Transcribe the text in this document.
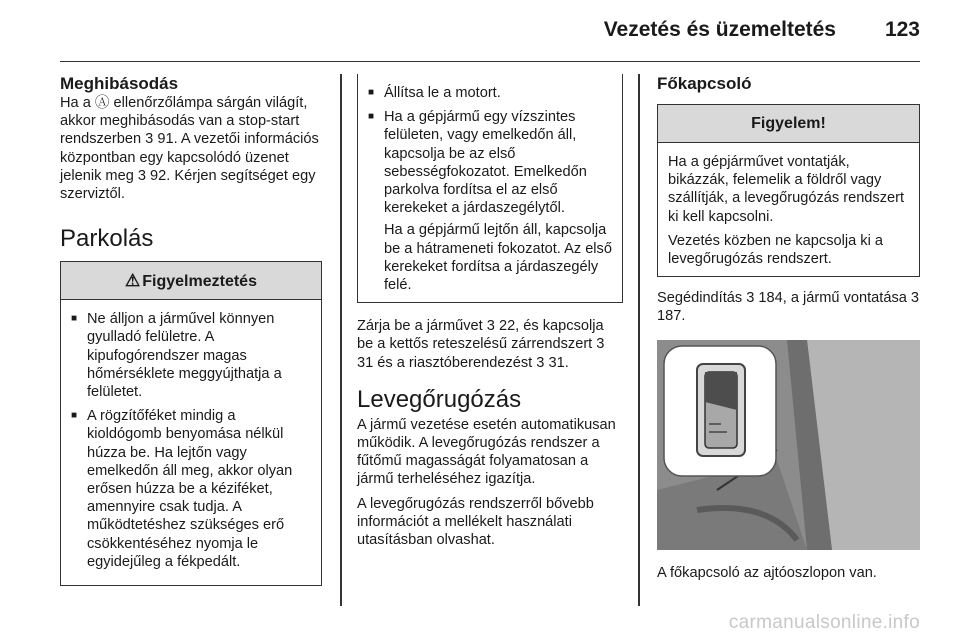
Vezetés és üzemeltetés 123
Meghibásodás

Ha a Ⓐ ellenőrzőlámpa sárgán világít, akkor meghibásodás van a stop-start rendszerben 3 91. A vezetői információs központban egy kapcsolódó üzenet jelenik meg 3 92. Kérjen segítséget egy szerviztől.

Parkolás
⚠ Figyelmeztetés
■ Ne álljon a járművel könnyen gyulladó felületre. A kipufogórendszer magas hőmérséklete meggyújthatja a felületet.
■ A rögzítőféket mindig a kioldógomb benyomása nélkül húzza be. Ha lejtőn vagy emelkedőn áll meg, akkor olyan erősen húzza be a kéziféket, amennyire csak tudja. A működtetéshez szükséges erő csökkentéséhez nyomja le egyidejűleg a fékpedált.
■ Állítsa le a motort.
■ Ha a gépjármű egy vízszintes felületen, vagy emelkedőn áll, kapcsolja be az első sebességfokozatot. Emelkedőn parkolva fordítsa el az első kerekeket a járdaszegélytől.

Ha a gépjármű lejtőn áll, kapcsolja be a hátrameneti fokozatot. Az első kerekeket fordítsa a járdaszegély felé.

Zárja be a járművet 3 22, és kapcsolja be a kettős reteszelésű zárrendszert 3 31 és a riasztóberendezést 3 31.

Levegőrugózás

A jármű vezetése esetén automatikusan működik. A levegőrugózás rendszer a fűtőmű magasságát folyamatosan a jármű terheléséhez igazítja.

A levegőrugózás rendszerről bővebb információt a mellékelt használati utasításban olvashat.

Főkapcsoló
Figyelem!

Ha a gépjárművet vontatják, bikázzák, felemelik a földről vagy szállítják, a levegőrugózás rendszert ki kell kapcsolni.

Vezetés közben ne kapcsolja ki a levegőrugózás rendszert.

Segédindítás 3 184, a jármű vontatása 3 187.

A főkapcsoló az ajtóoszlopon van.

carmanualsonline.info
